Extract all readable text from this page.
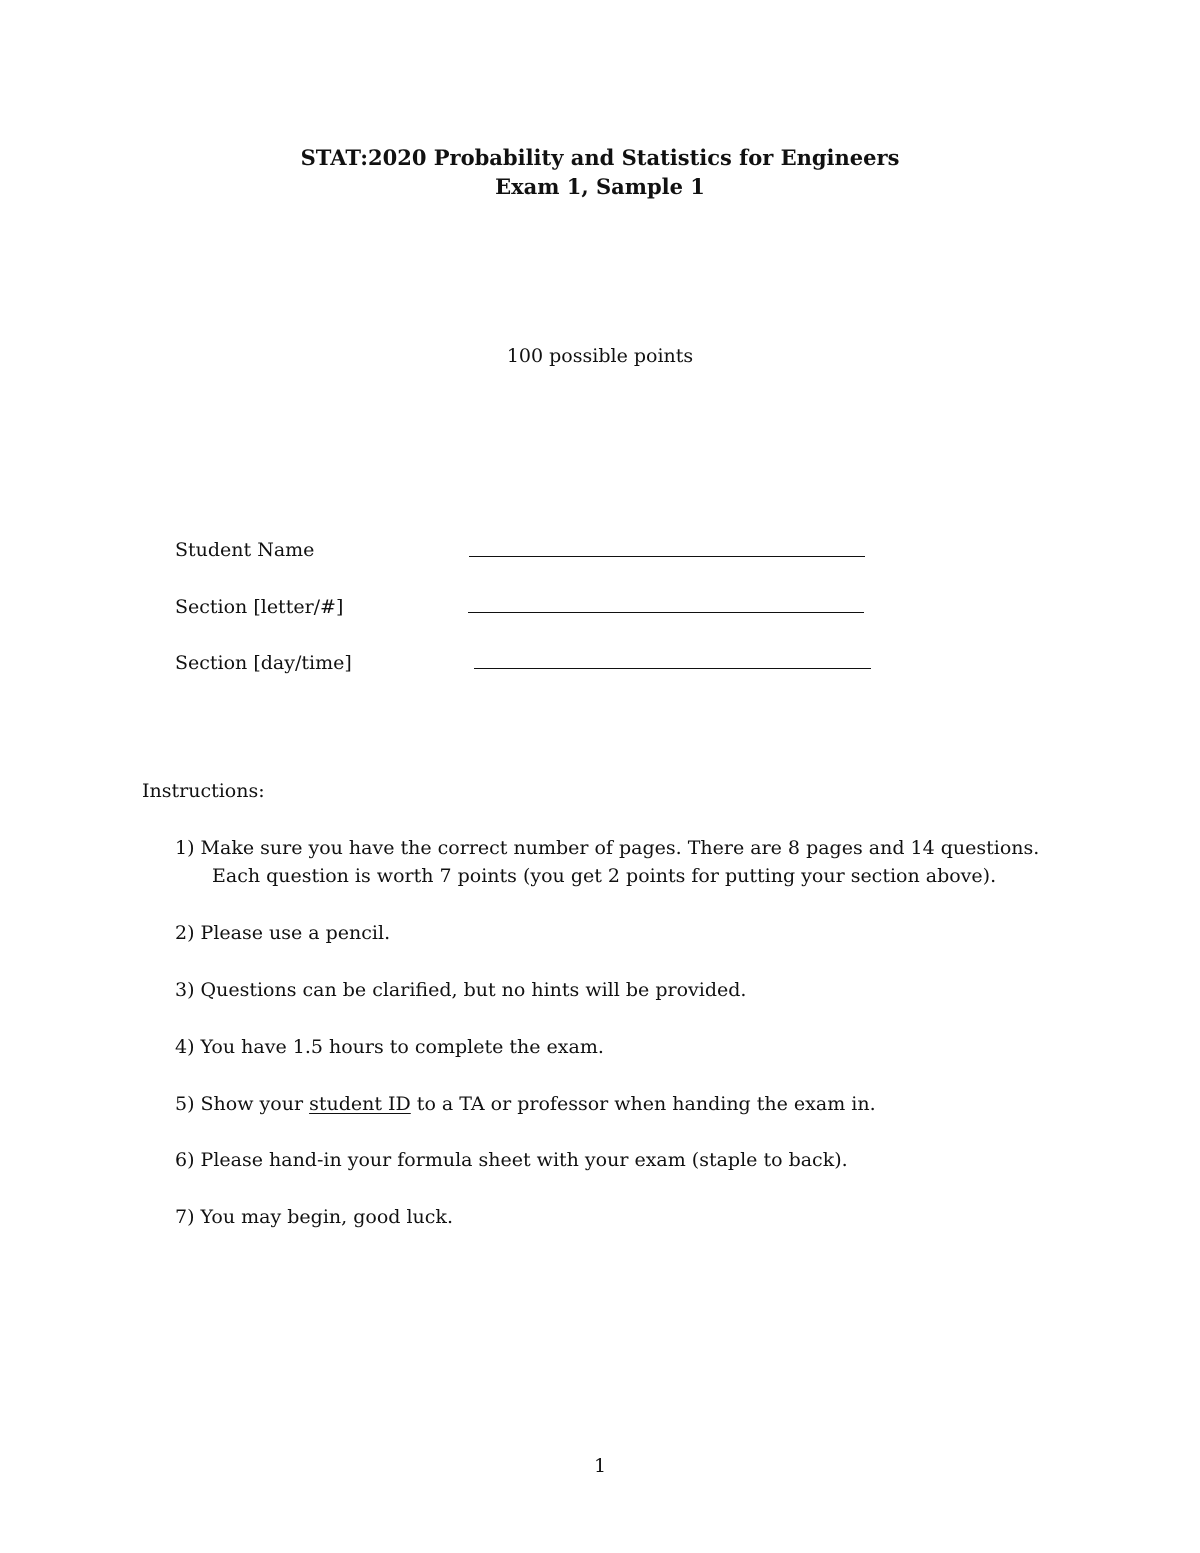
STAT:2020 Probability and Statistics for Engineers
Exam 1, Sample 1
100 possible points
Student Name
Section [letter/#]
Section [day/time]
Instructions:
1) Make sure you have the correct number of pages. There are 8 pages and 14 questions.
Each question is worth 7 points (you get 2 points for putting your section above).
2) Please use a pencil.
3) Questions can be clarified, but no hints will be provided.
4) You have 1.5 hours to complete the exam.
5) Show your student ID to a TA or professor when handing the exam in.
6) Please hand-in your formula sheet with your exam (staple to back).
7) You may begin, good luck.
1
